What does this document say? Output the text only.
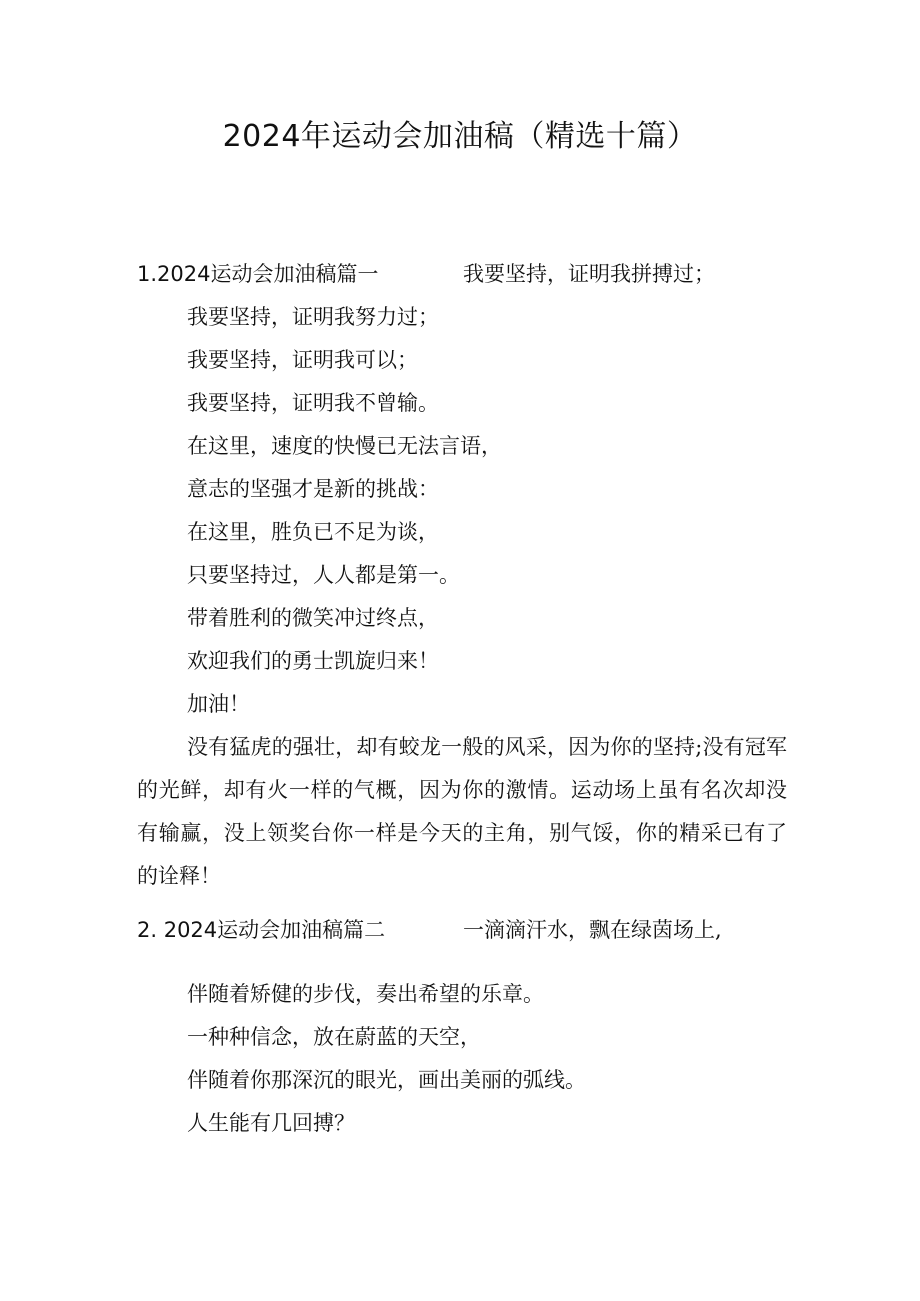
2024年运动会加油稿（精选十篇）
1.2024运动会加油稿篇一	我要坚持，证明我拼搏过；
我要坚持，证明我努力过；
我要坚持，证明我可以；
我要坚持，证明我不曾输。
在这里，速度的快慢已无法言语，
意志的坚强才是新的挑战：
在这里，胜负已不足为谈，
只要坚持过，人人都是第一。
带着胜利的微笑冲过终点，
欢迎我们的勇士凯旋归来！
加油！
没有猛虎的强壮，却有蛟龙一般的风采，因为你的坚持;没有冠军的光鲜，却有火一样的气概，因为你的激情。运动场上虽有名次却没有输赢，没上领奖台你一样是今天的主角，别气馁，你的精采已有了的诠释！
2. 2024运动会加油稿篇二	一滴滴汗水，飘在绿茵场上,
伴随着矫健的步伐，奏出希望的乐章。
一种种信念，放在蔚蓝的天空，
伴随着你那深沉的眼光，画出美丽的弧线。
人生能有几回搏？
